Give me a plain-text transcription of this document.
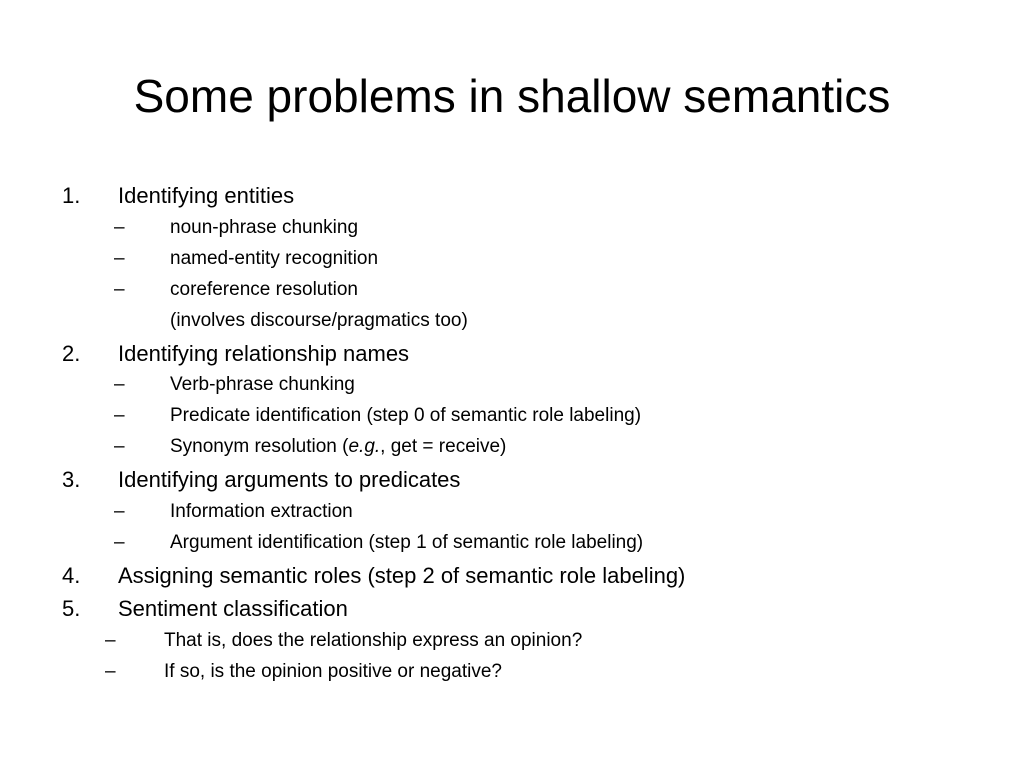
Some problems in shallow semantics
1. Identifying entities
– noun-phrase chunking
– named-entity recognition
– coreference resolution
(involves discourse/pragmatics too)
2. Identifying relationship names
– Verb-phrase chunking
– Predicate identification (step 0 of semantic role labeling)
– Synonym resolution (e.g., get = receive)
3. Identifying arguments to predicates
– Information extraction
– Argument identification (step 1 of semantic role labeling)
4. Assigning semantic roles (step 2 of semantic role labeling)
5. Sentiment classification
–	That is, does the relationship express an opinion?
–	If so, is the opinion positive or negative?
